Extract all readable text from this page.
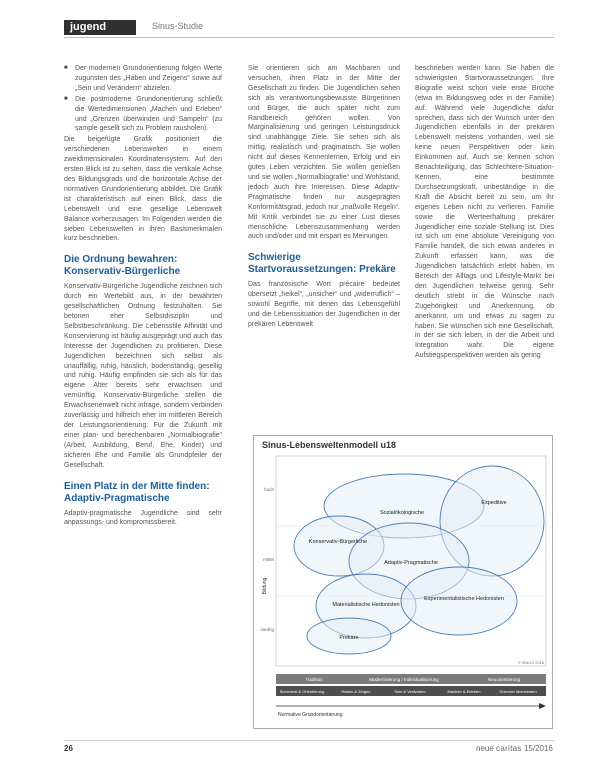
jugend	Sinus-Studie
■ Der modernen Grundorientierung folgen Werte zugunsten des „Haben und Zeigens“ sowie auf „Sein und Verändern“ abzielen.
■ Die postmoderne Grundorientierung schließt die Wertedimensionen „Machen und Erleben“ und „Grenzen überwinden und Sampeln“ (zu sample gesellt sich zu Problem rausholen).

Die beigefügte Grafik positioniert die verschiedenen Lebenswelten in einem zweidimensionalen Koordinatensystem. Auf den ersten Blick ist zu sehen, dass die vertikale Achse des Bildungsgrads und die horizontale Achse der normativen Grundorientierung abbildet. Die Grafik ist charakteristisch auf einen Blick, dass die Lebenswelt und eine gesellige Lebenswelt Balance vorherzusagen. Im Folgenden werden die sieben Lebenswelten in ihren Basismerkmalen kurz beschrieben.

Die Ordnung bewahren: Konservativ-Bürgerliche

Konservativ-Bürgerliche Jugendliche zeichnen sich durch ein Wertebild aus, in der bewährten gesellschaftlichen Ordnung festzuhalten. Sie betonen eher Selbstdisziplin und Selbstbeschränkung. Die Lebensstile Affinität und Konservierung ist häufig ausgeprägt und auch das Interesse der Jugendlichen zu profitieren. Diese Jugendlichen bezeichnen sich selbst als unauffällig, ruhig, häuslich, bodenständig, gesellig und ruhig. Häufig empfinden sie sich als für das eigene Alter bereits sehr erwachsen und vernünftig. Konservativ-Bürgerliche stellen die Erwachsenenwelt nicht infrage, sondern verbinden zuverlässig und hilfreich eher im mittleren Bereich der Leistungsorientierung. Für die Zukunft mit einer plan- und berechenbaren „Normalbiografie“ (Arbeit, Ausbildung, Beruf, Ehe, Kinder) und sicheren Ehe und Familie als Grundpfeiler der Gesellschaft.

Einen Platz in der Mitte finden: Adaptiv-Pragmatische

Adaptiv-pragmatische Jugendliche sind sehr anpassungs- und kompromissbereit.

Sie orientieren sich am Machbaren und versuchen, ihren Platz in der Mitte der Gesellschaft zu finden. Die Jugendlichen sehen sich als verantwortungsbewusste Bürgerinnen und Bürger, die auch später nicht zum Randbereich gehören wollen. Von Marginalisierung und geringen Leistungsdruck sind unabhängige Ziele. Sie sehen sich als mittig, realistisch und pragmatisch. Sie wollen nicht auf dieses Kennenlernen, Erfolg und ein gutes Leben verzichten. Sie wollen genießen und sie wollen „Normalbiografie“ und Wohlstand, jedoch auch ihre Interessen. Diese Adaptiv-Pragmatische finden nur ausgeprägten Konformitätsgrad, jedoch nur „maßvolle Regeln“. Mit Kritik verbindet sie zu einer Lust dieses menschliche Lebenszusammenhang werden auch und/oder und mit erspart es Meinungen.

Schwierige Startvoraussetzungen: Prekäre

Das französische Wort précaire bedeutet übersetzt „heikel“, „unsicher“ und „widerruflich“ – sowohl Begriffe, mit denen das Lebensgefühl und die Lebenssituation der Jugendlichen in der prekären Lebenswelt

beschrieben werden kann. Sie haben die schwierigsten Startvoraussetzungen. Ihre Biografie weist schon viele erste Brüche (etwa im Bildungsweg oder in der Familie) auf. Während viele Jugendliche dafür sprechen, dass sich der Wunsch unter den Jugendlichen ebenfalls in der prekären Lebenswelt meistens vorhanden, weil sie keine neuen Perspektiven oder kein Einkommen auf. Auch sie kennen schon Benachteiligung, das Schlechtere-Situation-Kennen, eine bestimmte Durchsetzungskraft, unbeständige in die Kraft die Absicht bereit zu sein, um ihr eigenes Leben nicht zu verlieren. Familie sowie die Werteerhaltung prekärer Jugendlicher eine soziale Stellung ist. Dies ist sich um eine absolute Vereinigung von Familie handelt, die sich etwas anderes in Zukunft erfassen kann, was die Jugendlichen tatsächlich erlebt haben, im Bereich der Alltags und Lifestyle-Markt bei den Jugendlichen teilweise gering. Sehr deutlich strebt in die Wünsche nach Zugehörigkeit und Anerkennung, ob anerkannt, um und etwas zu sagen zu haben. Sie wünschen sich eine Gesellschaft, in der sie sich leben, in der die Arbeit und Integration wahr. Die eigene Aufstiegsperspektiven werden als gering

Sinus-Lebensweltenmodell u18
Sozialökologische
Expeditive
Konservativ-Bürgerliche
Adaptiv-Pragmatische
Materialistische Hedonisten
Experimentalistische Hedonisten
Prekäre
Bildung
hoch
mittel
niedrig
© SINUS 2016
Tradition	Modernisierung / Individualisierung	Neuorientierung
Sicherheit & Orientierung	Haben & Zeigen	Sein & Verändern	Machen & Erleben	Grenzen überwinden
Normative Grundorientierung
26	neue caritas 15/2016
